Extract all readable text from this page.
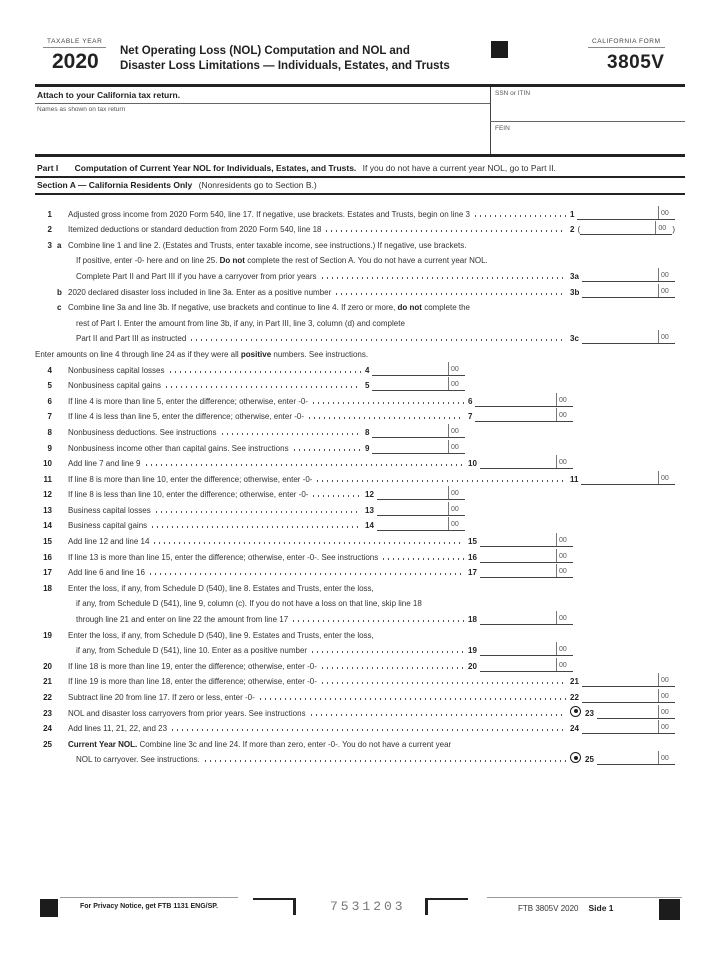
TAXABLE YEAR
2020 Net Operating Loss (NOL) Computation and NOL and
Disaster Loss Limitations — Individuals, Estates, and Trusts
CALIFORNIA FORM
3805V
Attach to your California tax return.
Names as shown on tax return
SSN or ITIN
FEIN
Part I Computation of Current Year NOL for Individuals, Estates, and Trusts. If you do not have a current year NOL, go to Part II.
Section A — California Residents Only (Nonresidents go to Section B.)
1 Adjusted gross income from 2020 Form 540, line 17. If negative, use brackets. Estates and Trusts, begin on line 3	1	00
2 Itemized deductions or standard deduction from 2020 Form 540, line 18	2 (	00 )
3 a Combine line 1 and line 2. (Estates and Trusts, enter taxable income, see instructions.) If negative, use brackets.
If positive, enter -0- here and on line 25. Do not complete the rest of Section A. You do not have a current year NOL.
Complete Part II and Part III if you have a carryover from prior years	3a	00
b 2020 declared disaster loss included in line 3a. Enter as a positive number	3b	00
c Combine line 3a and line 3b. If negative, use brackets and continue to line 4. If zero or more, do not complete the
rest of Part I. Enter the amount from line 3b, if any, in Part III, line 3, column (d) and complete
Part II and Part III as instructed	3c	00
Enter amounts on line 4 through line 24 as if they were all positive numbers. See instructions.
4 Nonbusiness capital losses	4	00
5 Nonbusiness capital gains	5	00
6 If line 4 is more than line 5, enter the difference; otherwise, enter -0-	6	00
7 If line 4 is less than line 5, enter the difference; otherwise, enter -0-	7	00
8 Nonbusiness deductions. See instructions	8	00
9 Nonbusiness income other than capital gains. See instructions	9	00
10 Add line 7 and line 9	10	00
11 If line 8 is more than line 10, enter the difference; otherwise, enter -0-	11	00
12 If line 8 is less than line 10, enter the difference; otherwise, enter -0-	12	00
13 Business capital losses	13	00
14 Business capital gains	14	00
15 Add line 12 and line 14	15	00
16 If line 13 is more than line 15, enter the difference; otherwise, enter -0-. See instructions	16	00
17 Add line 6 and line 16	17	00
18 Enter the loss, if any, from Schedule D (540), line 8. Estates and Trusts, enter the loss,
if any, from Schedule D (541), line 9, column (c). If you do not have a loss on that line, skip line 18
through line 21 and enter on line 22 the amount from line 17	18	00
19 Enter the loss, if any, from Schedule D (540), line 9. Estates and Trusts, enter the loss,
if any, from Schedule D (541), line 10. Enter as a positive number	19	00
20 If line 18 is more than line 19, enter the difference; otherwise, enter -0-	20	00
21 If line 19 is more than line 18, enter the difference; otherwise, enter -0-	21	00
22 Subtract line 20 from line 17. If zero or less, enter -0-	22	00
23 NOL and disaster loss carryovers from prior years. See instructions	23	00
24 Add lines 11, 21, 22, and 23	24	00
25 Current Year NOL. Combine line 3c and line 24. If more than zero, enter -0-. You do not have a current year
NOL to carryover. See instructions.	25	00
For Privacy Notice, get FTB 1131 ENG/SP.	7531203	FTB 3805V 2020 Side 1
